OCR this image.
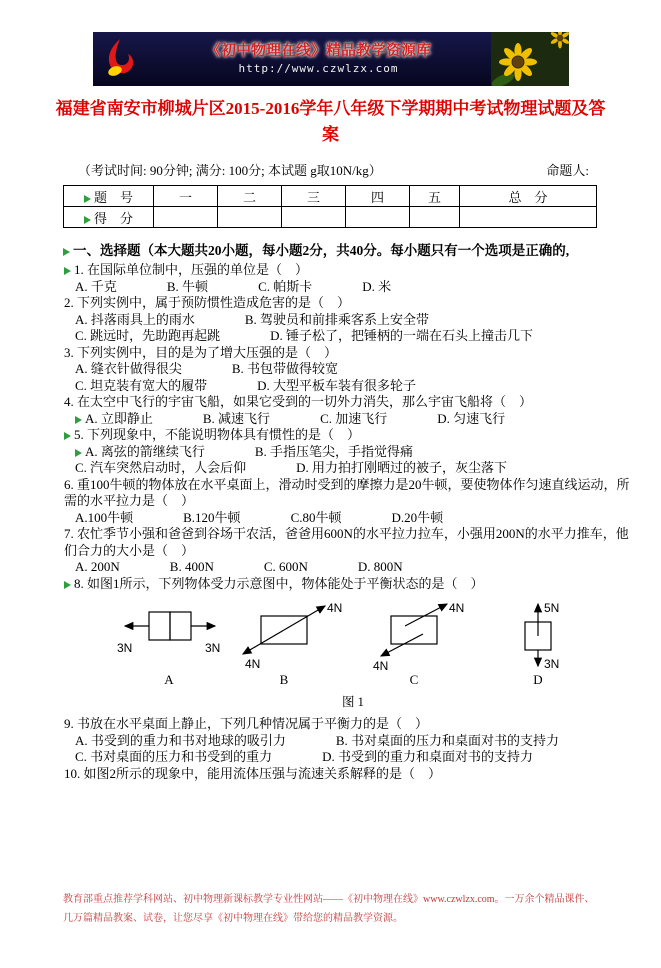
《初中物理在线》精品教学资源库
http://www.czwlzx.com
福建省南安市柳城片区2015-2016学年八年级下学期期中考试物理试题及答
案
（考试时间: 90分钟; 满分: 100分; 本试题 g取10N/kg）	命题人:
题　号	一	二	三	四	五	总　分
得　分						
一、选择题（本大题共20小题，每小题2分，共40分。每小题只有一个选项是正确的,
1. 在国际单位制中，压强的单位是（　）
A. 千克	B. 牛顿	C. 帕斯卡	D. 米
2. 下列实例中，属于预防惯性造成危害的是（　）
A. 抖落雨具上的雨水	B. 驾驶员和前排乘客系上安全带
C. 跳远时，先助跑再起跳	D. 锤子松了，把锤柄的一端在石头上撞击几下
3. 下列实例中，目的是为了增大压强的是（　）
A. 缝衣针做得很尖	B. 书包带做得较宽
C. 坦克装有宽大的履带	D. 大型平板车装有很多轮子
4. 在太空中飞行的宇宙飞船，如果它受到的一切外力消失，那么宇宙飞船将（　）
A. 立即静止	B. 减速飞行	C. 加速飞行	D. 匀速飞行
5. 下列现象中，不能说明物体具有惯性的是（　）
A. 离弦的箭继续飞行	B. 手指压笔尖，手指觉得痛
C. 汽车突然启动时，人会后仰	D. 用力拍打刚晒过的被子，灰尘落下
6. 重100牛顿的物体放在水平桌面上，滑动时受到的摩擦力是20牛顿，要使物体作匀速直线运动，所需的水平拉力是（　）
A.100牛顿	B.120牛顿	C.80牛顿	D.20牛顿
7. 农忙季节小强和爸爸到谷场干农活，爸爸用600N的水平拉力拉车，小强用200N的水平力推车，他们合力的大小是（　）
A. 200N	B. 400N	C. 600N	D. 800N
8. 如图1所示，下列物体受力示意图中，物体能处于平衡状态的是（　）
3N	3N
A
4N
4N
B
4N
4N
C
5N
3N
D
图 1
9. 书放在水平桌面上静止，下列几种情况属于平衡力的是（　）
A. 书受到的重力和书对地球的吸引力	B. 书对桌面的压力和桌面对书的支持力
C. 书对桌面的压力和书受到的重力	D. 书受到的重力和桌面对书的支持力
10. 如图2所示的现象中，能用流体压强与流速关系解释的是（　）
教育部重点推荐学科网站、初中物理新课标教学专业性网站——《初中物理在线》www.czwlzx.com。一万余个精品课件、
几万篇精品教案、试卷，让您尽享《初中物理在线》带给您的精品教学资源。
